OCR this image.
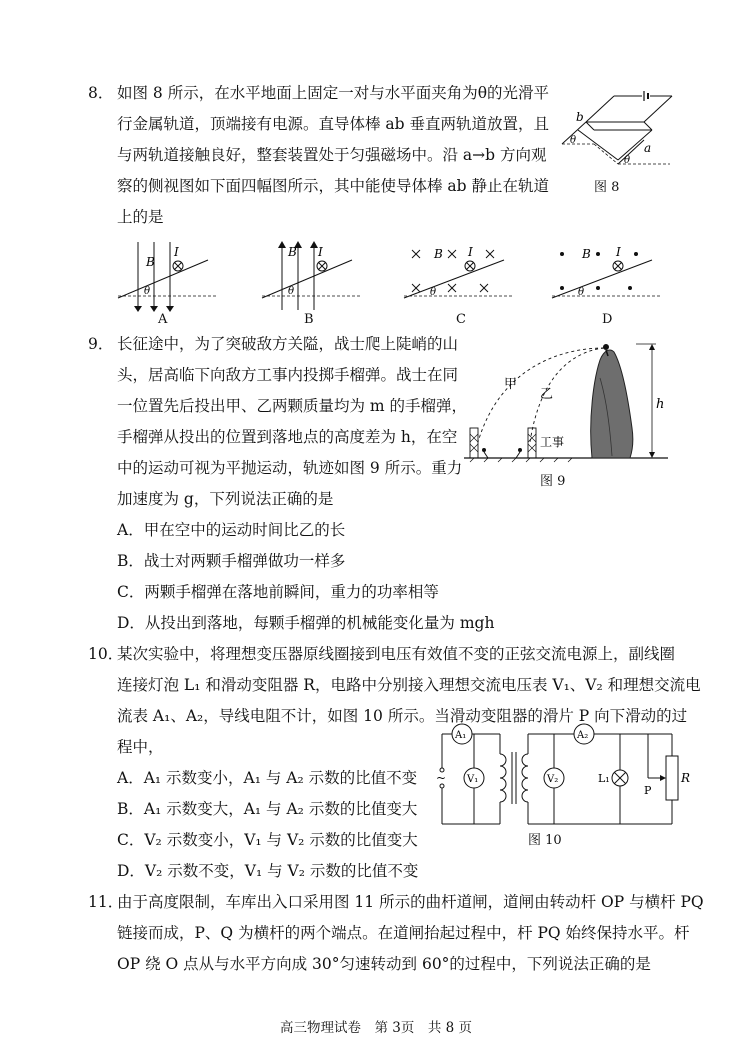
8． 如图 8 所示，在水平地面上固定一对与水平面夹角为θ的光滑平
行金属轨道，顶端接有电源。直导体棒 ab 垂直两轨道放置，且
与两轨道接触良好，整套装置处于匀强磁场中。沿 a→b 方向观
察的侧视图如下面四幅图所示，其中能使导体棒 ab 静止在轨道
上的是
b
a
θ
θ
图 8
B
I
θ
A
B I
θ
B
B I
θ
C
B I
θ
D
9． 长征途中，为了突破敌方关隘，战士爬上陡峭的山
头，居高临下向敌方工事内投掷手榴弹。战士在同
一位置先后投出甲、乙两颗质量均为 m 的手榴弹，
手榴弹从投出的位置到落地点的高度差为 h，在空
中的运动可视为平抛运动，轨迹如图 9 所示。重力
加速度为 g，下列说法正确的是
甲
乙
h
工事
图 9
A．甲在空中的运动时间比乙的长
B．战士对两颗手榴弹做功一样多
C．两颗手榴弹在落地前瞬间，重力的功率相等
D．从投出到落地，每颗手榴弹的机械能变化量为 mgh
10．
某次实验中，将理想变压器原线圈接到电压有效值不变的正弦交流电源上，副线圈
连接灯泡 L₁ 和滑动变阻器 R，电路中分别接入理想交流电压表 V₁、V₂ 和理想交流电
流表 A₁、A₂，导线电阻不计，如图 10 所示。当滑动变阻器的滑片 P 向下滑动的过
程中，
~
A₁
V₁
A₂
V₂	L₁
P
R
图 10
A．A₁ 示数变小，A₁ 与 A₂ 示数的比值不变
B．A₁ 示数变大，A₁ 与 A₂ 示数的比值变大
C．V₂ 示数变小，V₁ 与 V₂ 示数的比值变大
D．V₂ 示数不变，V₁ 与 V₂ 示数的比值不变
11．
由于高度限制，车库出入口采用图 11 所示的曲杆道闸，道闸由转动杆 OP 与横杆 PQ
链接而成，P、Q 为横杆的两个端点。在道闸抬起过程中，杆 PQ 始终保持水平。杆
OP 绕 O 点从与水平方向成 30°匀速转动到 60°的过程中，下列说法正确的是
高三物理试卷　第 3页　共 8 页
